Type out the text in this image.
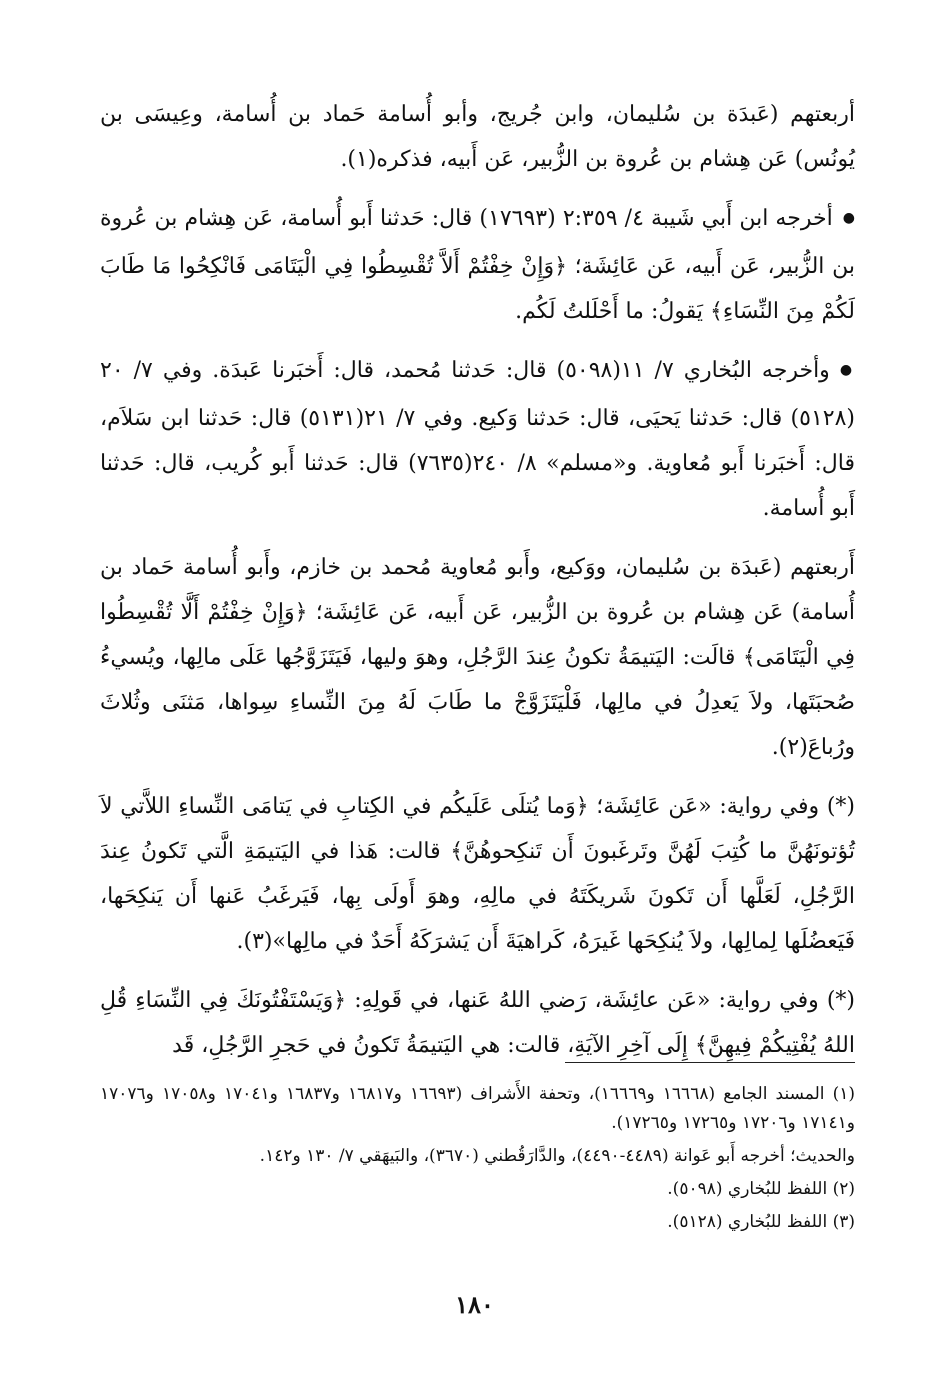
أربعتهم (عَبدَة بن سُليمان، وابن جُريج، وأبو أُسامة حَماد بن أُسامة، وعِيسَى بن يُونُس) عَن هِشام بن عُروة بن الزُّبير، عَن أَبيه، فذكره(١).

● أخرجه ابن أَبي شَيبة ٤/ ٢:٣٥٩ (١٧٦٩٣) قال: حَدثنا أَبو أُسامة، عَن هِشام بن عُروة بن الزُّبير، عَن أَبيه، عَن عَائِشَة؛ ﴿وَإِنْ خِفْتُمْ أَلاَّ تُقْسِطُوا فِي الْيَتَامَى فَانْكِحُوا مَا طَابَ لَكُمْ مِنَ النِّسَاءِ﴾ يَقولُ: ما أَحْلَلتُ لَكُم.

● وأخرجه البُخاري ٧/ ١١(٥٠٩٨) قال: حَدثنا مُحمد، قال: أَخبَرنا عَبدَة. وفي ٧/ ٢٠ (٥١٢٨) قال: حَدثنا يَحيَى، قال: حَدثنا وَكيع. وفي ٧/ ٢١(٥١٣١) قال: حَدثنا ابن سَلاَم، قال: أَخبَرنا أَبو مُعاوية. و«مسلم» ٨/ ٢٤٠(٧٦٣٥) قال: حَدثنا أَبو كُريب، قال: حَدثنا أَبو أُسامة.

أَربعتهم (عَبدَة بن سُليمان، ووَكيع، وأَبو مُعاوية مُحمد بن خازم، وأَبو أُسامة حَماد بن أُسامة) عَن هِشام بن عُروة بن الزُّبير، عَن أَبيه، عَن عَائِشَة؛ ﴿وَإِنْ خِفْتُمْ أَلَّا تُقْسِطُوا فِي الْيَتَامَى﴾ قالَت: اليَتيمَةُ تكونُ عِندَ الرَّجُلِ، وهوَ وليها، فَيَتَزَوَّجُها عَلَى مالِها، ويُسيءُ صُحبَتَها، ولاَ يَعدِلُ في مالِها، فَلْيَتَزَوَّجْ ما طَابَ لَهُ مِنَ النِّساءِ سِواها، مَثنَى وثُلاثَ ورُباعَ(٢).

(*) وفي رواية: «عَن عَائِشَة؛ ﴿وَما يُتلَى عَلَيكُم في الكِتابِ في يَتامَى النِّساءِ اللاَّتي لاَ تُؤتونَهُنَّ ما كُتِبَ لَهُنَّ وتَرغَبونَ أَن تَنكِحوهُنَّ﴾ قالت: هَذا في اليَتيمَةِ الَّتي تَكونُ عِندَ الرَّجُلِ، لَعَلَّها أَن تَكونَ شَريكَتَهُ في مالِهِ، وهوَ أَولَى بِها، فَيَرغَبُ عَنها أَن يَنكِحَها، فَيَعضُلَها لِمالِها، ولاَ يُنكِحَها غَيرَهُ، كَراهيَةَ أَن يَشرَكَهُ أَحَدٌ في مالِها»(٣).

(*) وفي رواية: «عَن عائِشَة، رَضي اللهُ عَنها، في قَولِهِ: ﴿وَيَسْتَفْتُونَكَ فِي النِّسَاءِ قُلِ اللهُ يُفْتِيكُمْ فِيهِنَّ﴾ إِلَى آخِرِ الآيَةِ، قالت: هي اليَتيمَةُ تَكونُ في حَجرِ الرَّجُلِ، قَد

(١) المسند الجامع (١٦٦٦٨ و١٦٦٦٩)، وتحفة الأَشراف (١٦٦٩٣ و١٦٨١٧ و١٦٨٣٧ و١٧٠٤١ و١٧٠٥٨ و١٧٠٧٦ و١٧١٤١ و١٧٢٠٦ و١٧٢٦٥ و١٧٢٦٥).

والحديث؛ أخرجه أَبو عَوانة (٤٤٨٩-٤٤٩٠)، والدَّارَقُطني (٣٦٧٠)، والبَيهَقي ٧/ ١٣٠ و١٤٢.

(٢) اللفظ للبُخاري (٥٠٩٨).

(٣) اللفظ للبُخاري (٥١٢٨).

١٨٠
